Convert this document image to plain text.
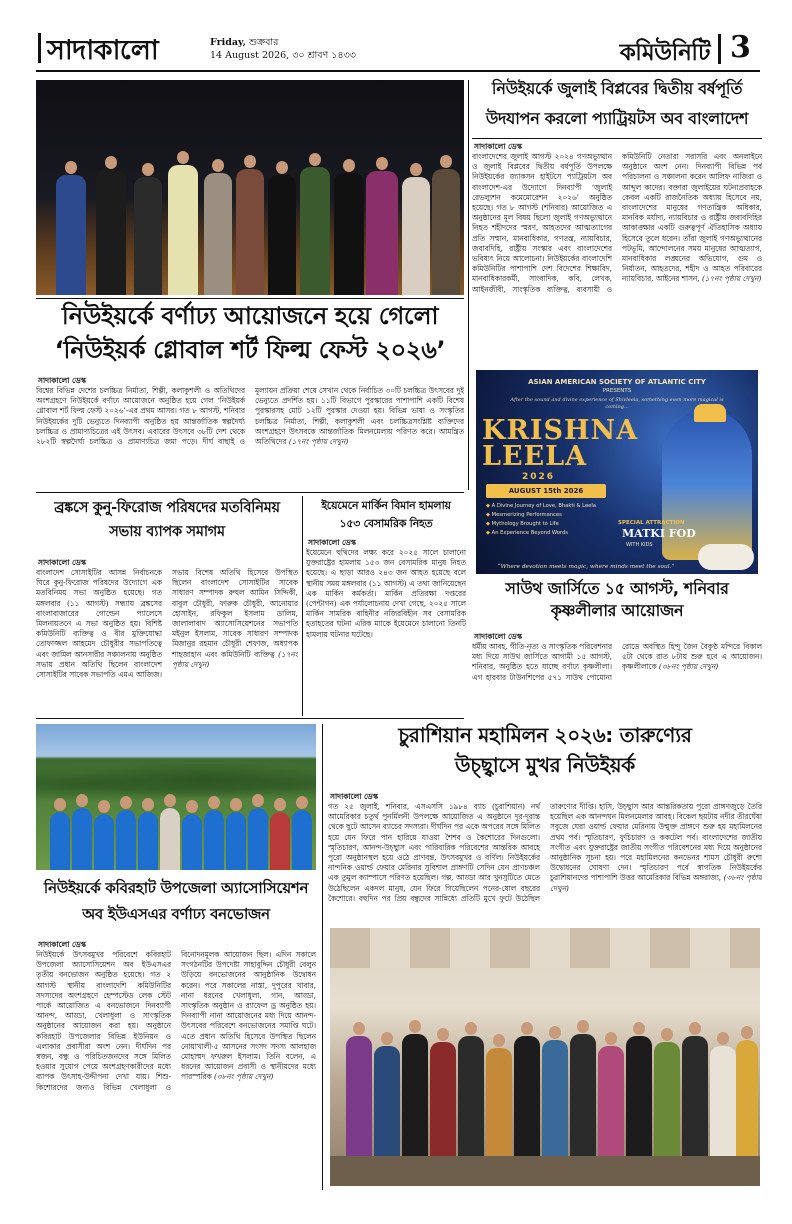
সাদাকালো	Friday, শুক্রবার
14 August 2026, ৩০ শ্রাবণ ১৪৩৩	কমিউনিটি 3
নিউইয়র্কে বর্ণাঢ্য আয়োজনে হয়ে গেলো
‘নিউইয়র্ক গ্লোবাল শর্ট ফিল্ম ফেস্ট ২০২৬’
সাদাকালো ডেস্ক
বিশ্বের বিভিন্ন দেশের চলচ্চিত্র নির্মাতা, শিল্পী, কলাকুশলী ও অতিথিদের অংশগ্রহণে নিউইয়র্কে বর্ণাঢ্য আয়োজনে অনুষ্ঠিত হয়ে গেল ‘নিউইয়র্ক গ্লোবাল শর্ট ফিল্ম ফেস্ট ২০২৬’-এর প্রথম আসর। গত ৮ আগস্ট, শনিবার নিউইয়র্কের দুটি ভেন্যুতে দিনব্যাপী অনুষ্ঠিত হয় আন্তর্জাতিক স্বল্পদৈর্ঘ্য চলচ্চিত্র ও প্রামাণ্যচিত্রের এই উৎসব। এবারের উৎসবে ৩৮টি দেশ থেকে ২৮২টি স্বল্পদৈর্ঘ্য চলচ্চিত্র ও প্রামাণ্যচিত্র জমা পড়ে। দীর্ঘ বাছাই ও মূল্যায়ন প্রক্রিয়া শেষে সেখান থেকে নির্বাচিত ৩০টি চলচ্চিত্র উৎসবের দুই ভেন্যুতে প্রদর্শিত হয়। ১১টি বিভাগে পুরস্কারের পাশাপাশি একটি বিশেষ পুরস্কারসহ মোট ১২টি পুরস্কার দেওয়া হয়। বিভিন্ন ভাষা ও সংস্কৃতির চলচ্চিত্র নির্মাতা, শিল্পী, কলাকুশলী এবং চলচ্চিত্রসংশ্লিষ্ট ব্যক্তিদের অংশগ্রহণে উৎসবকে আন্তর্জাতিক মিলনমেলায় পরিণত করে। আমন্ত্রিত অতিথিদের (১৭নং পৃষ্ঠায় দেখুন)
নিউইয়র্কে জুলাই বিপ্লবের দ্বিতীয় বর্ষপূর্তি
উদযাপন করলো প্যাট্রিয়টস অব বাংলাদেশ
সাদাকালো ডেস্ক
বাংলাদেশের জুলাই আগস্ট ২০২৪ গণঅভ্যুত্থান ও জুলাই বিপ্লবের দ্বিতীয় বর্ষপূর্তি উপলক্ষে নিউইয়র্কের জ্যাকসন হাইটসে প্যাট্রিয়টস অব বাংলাদেশ-এর উদ্যোগে দিনব্যাপী ‘জুলাই রেভল্যুশন কমেমোরেশন ২০২৬’ অনুষ্ঠিত হয়েছে। গত ৮ আগস্ট (শনিবার) আয়োজিত এ অনুষ্ঠানের মূল বিষয় ছিলো জুলাই গণঅভ্যুত্থানে নিহত শহীদদের স্মরণ, আহতদের আত্মত্যাগের প্রতি সম্মান, মানবাধিকার, গণতন্ত্র, ন্যায়বিচার, জবাবদিহি, রাষ্ট্রীয় সংস্কার এবং বাংলাদেশের ভবিষ্যৎ নিয়ে আলোচনা। নিউইয়র্কের বাংলাদেশি কমিউনিটির পাশাপাশি দেশ বিদেশের শিক্ষাবিদ, মানবাধিকারকর্মী, সাংবাদিক, কবি, লেখক, আইনজীবী, সাংস্কৃতিক ব্যক্তিত্ব, ব্যবসায়ী ও কমিউনিটি নেতারা সরাসরি এবং অনলাইনে অনুষ্ঠানে অংশ নেন। দিনব্যাপী বিভিন্ন পর্ব পরিচালনা ও সঞ্চালনা করেন আলিফ নাজিরা ও আব্দুল কাদের। বক্তারা জুলাইয়ের ঘটনাপ্রবাহকে কেবল একটি রাজনৈতিক অধ্যায় হিসেবে নয়, বাংলাদেশের মানুষের গণতান্ত্রিক অধিকার, মানবিক মর্যাদা, ন্যায়বিচার ও রাষ্ট্রীয় জবাবদিহির আকাঙ্ক্ষার একটি গুরুত্বপূর্ণ ঐতিহাসিক অধ্যায় হিসেবে তুলে ধরেন। তাঁরা জুলাই গণঅভ্যুত্থানের পটভূমি, আন্দোলনের সময় মানুষের আত্মত্যাগ, মানবাধিকার লঙ্ঘনের অভিযোগ, গুম ও নির্যাতন, আহতদের, শহীদ ও আহত পরিবারের ন্যায়বিচার, আইনের শাসন, (১৭নং পৃষ্ঠায় দেখুন)
ASIAN AMERICAN SOCIETY OF ATLANTIC CITY
PRESENTS
After the sound and divine experience of Shivleela, something even more magical is coming...
KRISHNA
LEELA
2026
AUGUST 15th 2026
◆ A Divine Journey of Love, Bhakti & Leela
◆ Mesmerizing Performances
◆ Mythology Brought to Life
◆ An Experience Beyond Words
SPECIAL ATTRACTION
MATKI FOD
WITH KIDS
“Where devotion meets magic, where minds meet the soul.”
সাউথ জার্সিতে ১৫ আগস্ট, শনিবার
কৃষ্ণলীলার আয়োজন
সাদাকালো ডেস্ক
ধর্মীয় আবহ, গীতি-নৃত্য ও সাংস্কৃতিক পরিবেশনার মধ্য দিয়ে সাউথ জার্সিতে আগামী ১৫ আগস্ট, শনিবার, অনুষ্ঠিত হতে যাচ্ছে বর্ণাঢ্য কৃষ্ণলীলা। এগ হারবার টাউনশিপের ৫৭১ সাউথ পোমোনা রোডে অবস্থিত হিন্দু জৈন বৈকুণ্ঠ মন্দিরে বিকাল ৫টা থেকে রাত ৮টায় শুরু হবে এ আয়োজন। কৃষ্ণলীলাকে (৩৮নং পৃষ্ঠায় দেখুন)
ব্রঙ্কসে কুনু-ফিরোজ পরিষদের মতবিনিময়
সভায় ব্যাপক সমাগম
সাদাকালো ডেস্ক
বাংলাদেশ সোসাইটির আসন্ন নির্বাচনকে ঘিরে কুনু-ফিরোজ পরিষদের উদ্যোগে এক মতবিনিময় সভা অনুষ্ঠিত হয়েছে। গত মঙ্গলবার (১১ আগস্ট) সন্ধ্যায় ব্রঙ্কসের বাংলাবাজারের গোল্ডেন প্যালেসে মিলনায়তনে এ সভা অনুষ্ঠিত হয়। বিশিষ্ট কমিউনিটি ব্যক্তিত্ব ও বীর মুক্তিযোদ্ধা তোফাজ্জল আহমেদ চৌধুরীর সভাপতিত্বে এবং জামিল আনসারীর সঞ্চালনায় অনুষ্ঠিত সভায় প্রধান অতিথি ছিলেন বাংলাদেশ সোসাইটির সাবেক সভাপতি এমএ আজিজ। সভায় বিশেষ অতিথি হিসেবে উপস্থিত ছিলেন বাংলাদেশ সোসাইটির সাবেক সাধারণ সম্পাদক রুহুল আমিন সিদ্দিকী, বাবুল চৌধুরী, ফারুক চৌধুরী, আনোয়ার হোসাইন, রফিকুল ইসলাম ডালিম, জালালাবাদ অ্যাসোসিয়েশনের সভাপতি মইনুল ইসলাম, সাবেক সাধারণ সম্পাদক মিজানুর রহমান চৌধুরী শেফাজ, অধ্যাপক শাহজাহান এবং কমিউনিটি ব্যক্তিত্ব (১৭নং পৃষ্ঠায় দেখুন)
ইয়েমেনে মার্কিন বিমান হামলায়
১৫৩ বেসামরিক নিহত
সাদাকালো ডেস্ক
ইয়েমেনে হুথিদের লক্ষ্য করে ২০২৫ সালে চালানো যুক্তরাষ্ট্রের হামলায় ১৫৩ জন বেসামরিক মানুষ নিহত হয়েছে। এ ছাড়া আরও ২৪৩ জন আহত হয়েছে বলে স্থানীয় সময় মঙ্গলবার (১১ আগস্ট) এ তথ্য জানিয়েছেন এক মার্কিন কর্মকর্তা। মার্কিন প্রতিরক্ষা দপ্তরের (পেন্টাগন) এক পর্যালোচনায় দেখা গেছে, ২০২৫ সালে মার্কিন সামরিক বাহিনীর নজিরবিহীন সব বেসামরিক হতাহতের ঘটনা এরিক ম্যাকে ইয়েমেনে চালানো তিনটি হামলায় ঘটনার ঘটেছে।
নিউইয়র্কে কবিরহাট উপজেলা অ্যাসোসিয়েশন
অব ইউএসএর বর্ণাঢ্য বনভোজন
সাদাকালো ডেস্ক
নিউইয়র্কে উৎসবমুখর পরিবেশে কবিরহাট উপজেলা অ্যাসোসিয়েশন অব ইউএসএর তৃতীয় বনভোজন অনুষ্ঠিত হয়েছে। গত ২ আগস্ট স্থানীয় বাংলাদেশি কমিউনিটির সদস্যদের অংশগ্রহণে হেম্পস্টেড লেক স্টেট পার্কে আয়োজিত এ বনভোজনে দিনব্যাপী আনন্দ, আড্ডা, খেলাধুলা ও সাংস্কৃতিক অনুষ্ঠানের আয়োজন করা হয়। অনুষ্ঠানে কবিরহাট উপজেলার বিভিন্ন ইউনিয়ন ও এলাকার প্রবাসীরা অংশ নেন। দীর্ঘদিন পর স্বজন, বন্ধু ও পরিচিতজনদের সঙ্গে মিলিত হওয়ার সুযোগ পেয়ে অংশগ্রহণকারীদের মধ্যে ব্যাপক উৎসাহ-উদ্দীপনা দেখা যায়। শিশু-কিশোরদের জন্যও বিভিন্ন খেলাধুলা ও বিনোদনমূলক আয়োজন ছিল। এদিন সকালে সংগঠনটির উপদেষ্টা সাহাবুদ্দিন চৌধুরী বেলুন উড়িয়ে বনভোজনের আনুষ্ঠানিক উদ্বোধন করেন। পরে সকালের নাস্তা, দুপুরের খাবার, নানা ধরনের খেলাধুলা, গান, আড্ডা, সাংস্কৃতিক অনুষ্ঠান ও র‍্যাফেল ড্র অনুষ্ঠিত হয়। দিনব্যাপী নানা আয়োজনের মধ্য দিয়ে আনন্দ-উৎসবের পরিবেশে বনভোজনের সমাপ্তি ঘটে। এতে প্রধান অতিথি হিসেবে উপস্থিত ছিলেন নোয়াখালী-৫ আসনের সংসদ সদস্য আলহাজ মোহাম্মদ ফখরুল ইসলাম। তিনি বলেন, এ ধরনের আয়োজন প্রবাসী ও স্থানীয়দের মধ্যে পারস্পরিক (৩৮নং পৃষ্ঠায় দেখুন)
চুরাশিয়ান মহামিলন ২০২৬: তারুণ্যের
উচ্ছ্বাসে মুখর নিউইয়র্ক
সাদাকালো ডেস্ক
গত ২৫ জুলাই, শনিবার, এসএসসি ১৯৮৪ ব্যাচ (চুরাশিয়ান) নর্থ আমেরিকার চতুর্থ পুনর্মিলনী উপলক্ষে আয়োজিত এ অনুষ্ঠানে দূর-দূরান্ত থেকে ছুটে আসেন ব্যাচের সদস্যরা। দীর্ঘদিন পর একে অপরের সঙ্গে মিলিত হয়ে যেন ফিরে পান হারিয়ে যাওয়া শৈশব ও কৈশোরের দিনগুলো। স্মৃতিচারণ, আনন্দ-উচ্ছ্বাস এবং পারিবারিক পরিবেশের আন্তরিক আবহে পুরো অনুষ্ঠানস্থল হয়ে ওঠে প্রাণবন্ত, উৎসবমুখর ও বর্ণিল। নিউইয়র্কের নান্দনিক ওয়ার্ল্ড ফেয়ার মেরিনার সুবিশাল প্রাঙ্গণটি সেদিন যেন প্রাণচঞ্চল এক তুমুল ক্যাম্পাসে পরিণত হয়েছিল। গল্প, আড্ডা আর খুনসুটিতে মেতে উঠেছিলেন একদল মানুষ, যেন ফিরে গিয়েছিলেন পনের-ষোল বছরের কৈশোরে। বহুদিন পর প্রিয় বন্ধুদের সান্নিধ্যে প্রতিটি মুখে ফুটে উঠেছিল তারুণ্যের দীপ্তি। হাসি, উচ্ছ্বাস আর আন্তরিকতায় পুরো প্রাঙ্গণজুড়ে তৈরি হয়েছিল এক আনন্দঘন মিলনমেলার আবহ। বিকেল ছয়টায় নদীর তীরঘেঁষা সবুজে ঘেরা ওয়ার্ল্ড ফেয়ার মেরিনায় উন্মুক্ত প্রাঙ্গণে শুরু হয় মহামিলনের প্রথম পর্ব। স্মৃতিচারণ, ফুচিচারণ ও ককটেল পর্ব। বাংলাদেশের জাতীয় সংগীত এবং যুক্তরাষ্ট্রের জাতীয় সংগীত পরিবেশনের মধ্য দিয়ে অনুষ্ঠানের আনুষ্ঠানিক সূচনা হয়। পরে মহামিলনের কনভেনর শামস চৌধুরী রুশো উদ্বোধনের ঘোষণা দেন। স্মৃতিচারণ পর্বে স্বাগতিক নিউইয়র্কের চুরাশিয়ানদের পাশাপাশি উত্তর আমেরিকার বিভিন্ন অঙ্গরাজ্য, (৩৮নং পৃষ্ঠায় দেখুন)
